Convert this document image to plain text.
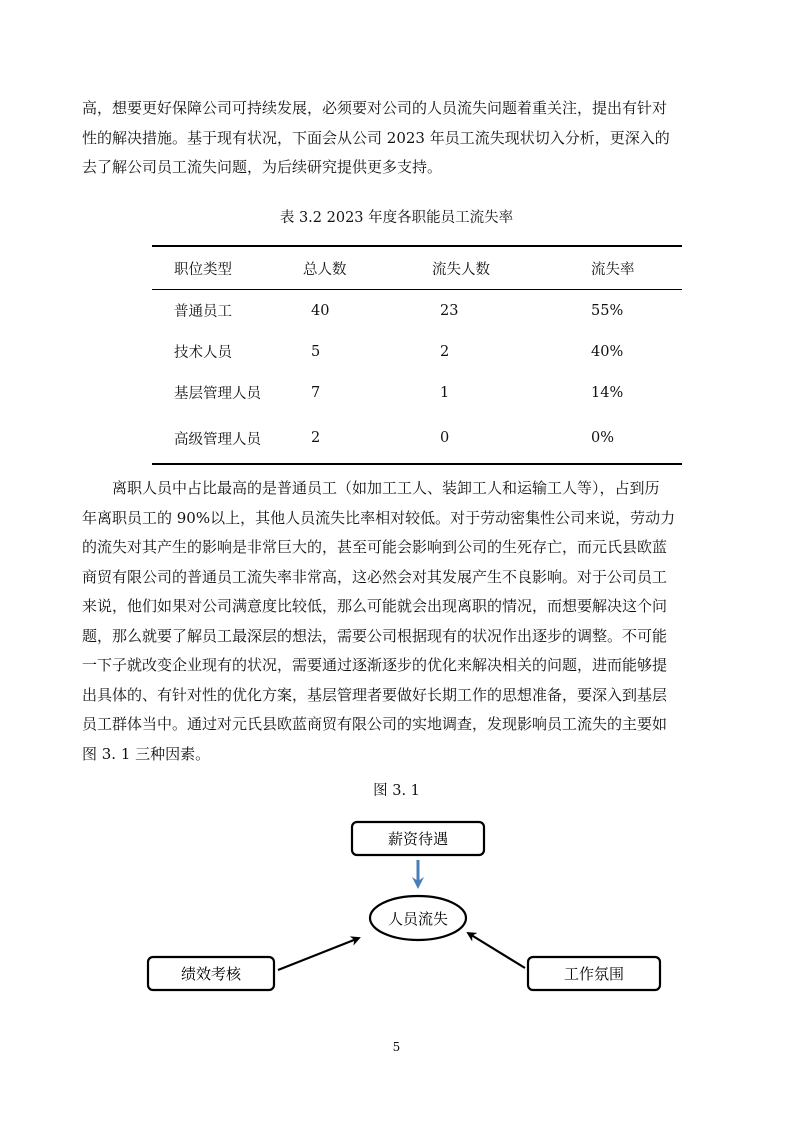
高，想要更好保障公司可持续发展，必须要对公司的人员流失问题着重关注，提出有针对
性的解决措施。基于现有状况，下面会从公司 2023 年员工流失现状切入分析，更深入的
去了解公司员工流失问题，为后续研究提供更多支持。
表 3.2 2023 年度各职能员工流失率
职位类型	总人数	流失人数	流失率
普通员工	40	23	55%
技术人员	5	2	40%
基层管理人员	7	1	14%
高级管理人员	2	0	0%
离职人员中占比最高的是普通员工（如加工工人、装卸工人和运输工人等），占到历
年离职员工的 90%以上，其他人员流失比率相对较低。对于劳动密集性公司来说，劳动力
的流失对其产生的影响是非常巨大的，甚至可能会影响到公司的生死存亡，而元氏县欧蓝
商贸有限公司的普通员工流失率非常高，这必然会对其发展产生不良影响。对于公司员工
来说，他们如果对公司满意度比较低，那么可能就会出现离职的情况，而想要解决这个问
题，那么就要了解员工最深层的想法，需要公司根据现有的状况作出逐步的调整。不可能
一下子就改变企业现有的状况，需要通过逐渐逐步的优化来解决相关的问题，进而能够提
出具体的、有针对性的优化方案，基层管理者要做好长期工作的思想准备，要深入到基层
员工群体当中。通过对元氏县欧蓝商贸有限公司的实地调查，发现影响员工流失的主要如
图 3. 1 三种因素。
图 3. 1
薪资待遇
人员流失
绩效考核	工作氛围
5
